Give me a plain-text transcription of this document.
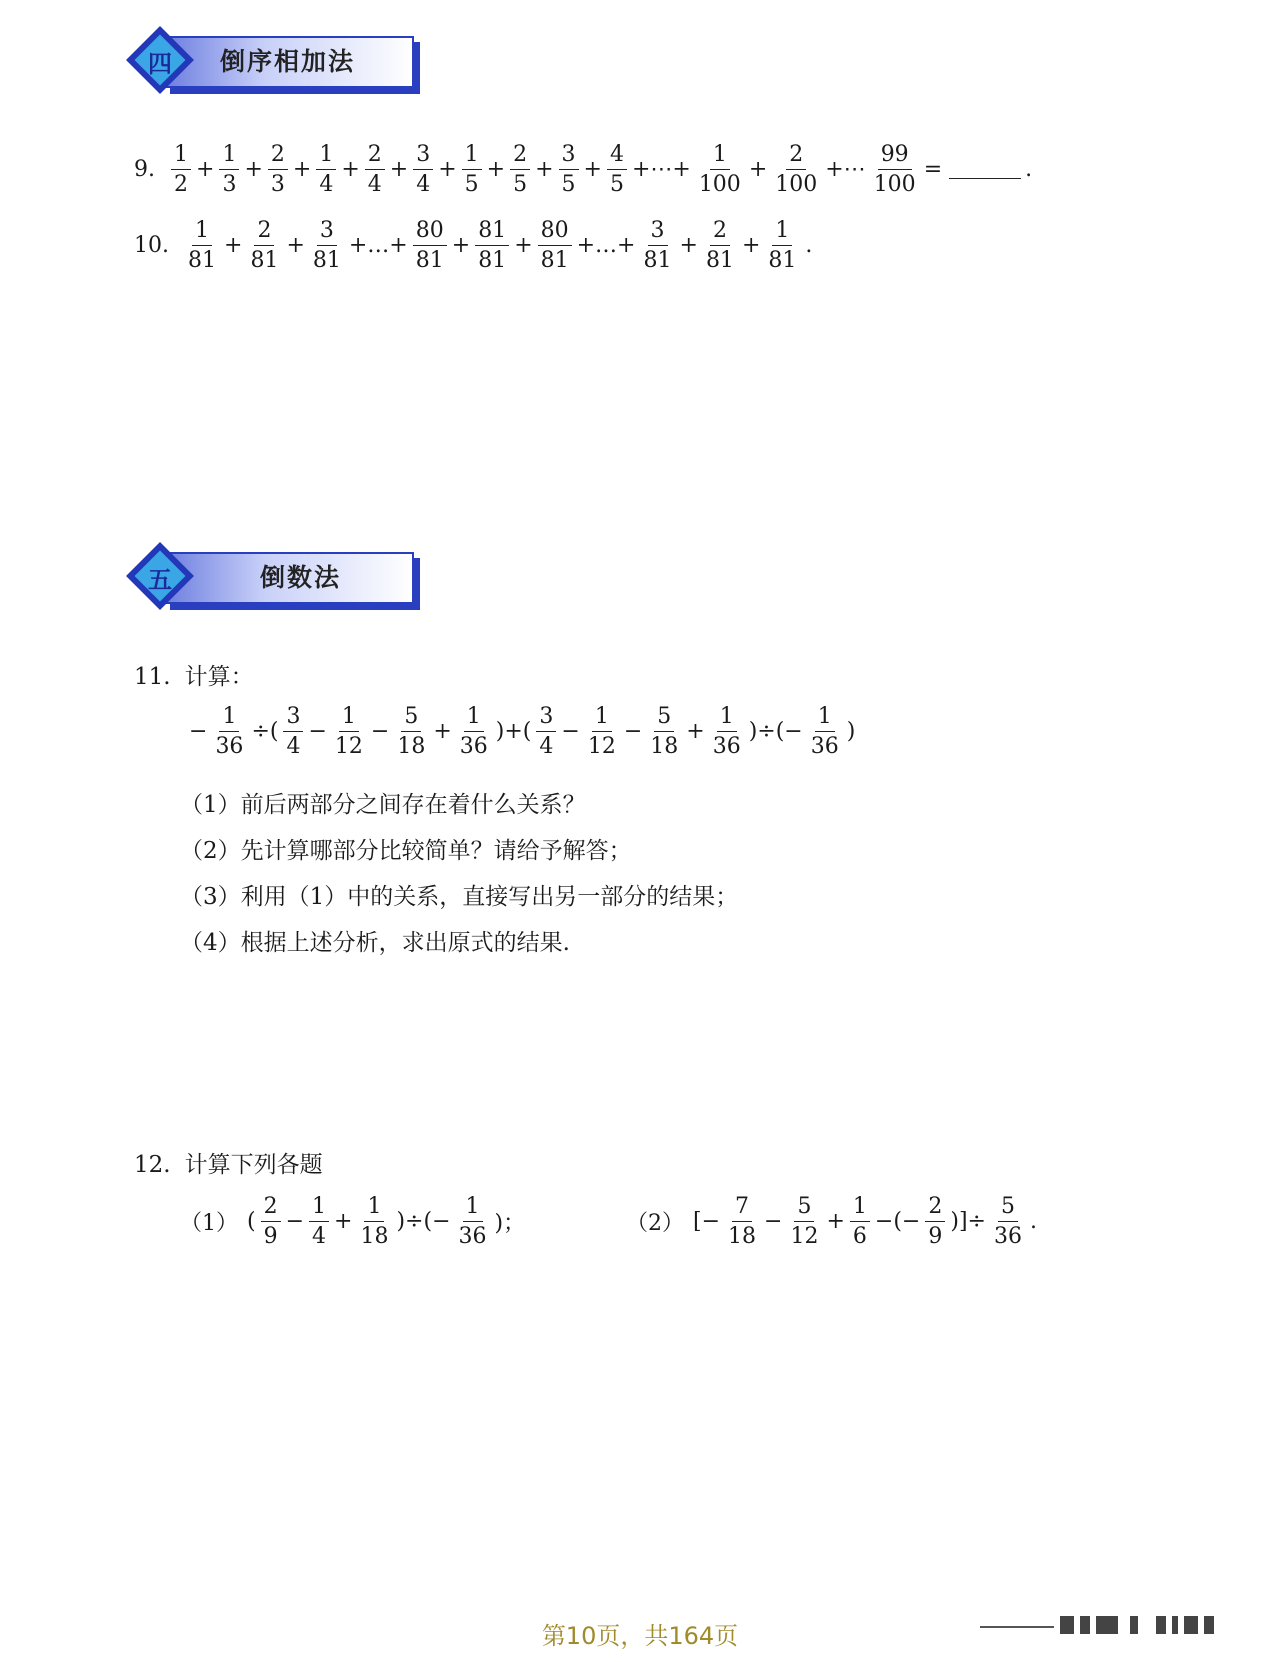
四	倒序相加法
9. $\frac{1}{2} + \frac{1}{3} + \frac{2}{3} + \frac{1}{4} + \frac{2}{4} + \frac{3}{4} + \frac{1}{5} + \frac{2}{5} + \frac{3}{5} + \frac{4}{5}$ +⋯+ $\frac{1}{100} + \frac{2}{100}$ +⋯ $\frac{99}{100}$ =	.
10. $\frac{1}{81} + \frac{2}{81} + \frac{3}{81}$ +…+ $\frac{80}{81} + \frac{81}{81} + \frac{80}{81}$ +…+ $\frac{3}{81} + \frac{2}{81} + \frac{1}{81}$ .
五	倒数法
11. 计算：
− $\frac{1}{36}$ ÷( $\frac{3}{4} - \frac{1}{12} - \frac{5}{18} + \frac{1}{36}$ )+( $\frac{3}{4} - \frac{1}{12} - \frac{5}{18} + \frac{1}{36}$ )÷(− $\frac{1}{36}$ )
（1）前后两部分之间存在着什么关系？
（2）先计算哪部分比较简单？请给予解答；
（3）利用（1）中的关系，直接写出另一部分的结果；
（4）根据上述分析，求出原式的结果.
12. 计算下列各题
（1） ( $\frac{2}{9} - \frac{1}{4} + \frac{1}{18}$ )÷(− $\frac{1}{36}$ )；	（2） [− $\frac{7}{18} - \frac{5}{12} + \frac{1}{6}$ −(− $\frac{2}{9}$ )]÷ $\frac{5}{36}$ .
第10页，共164页
